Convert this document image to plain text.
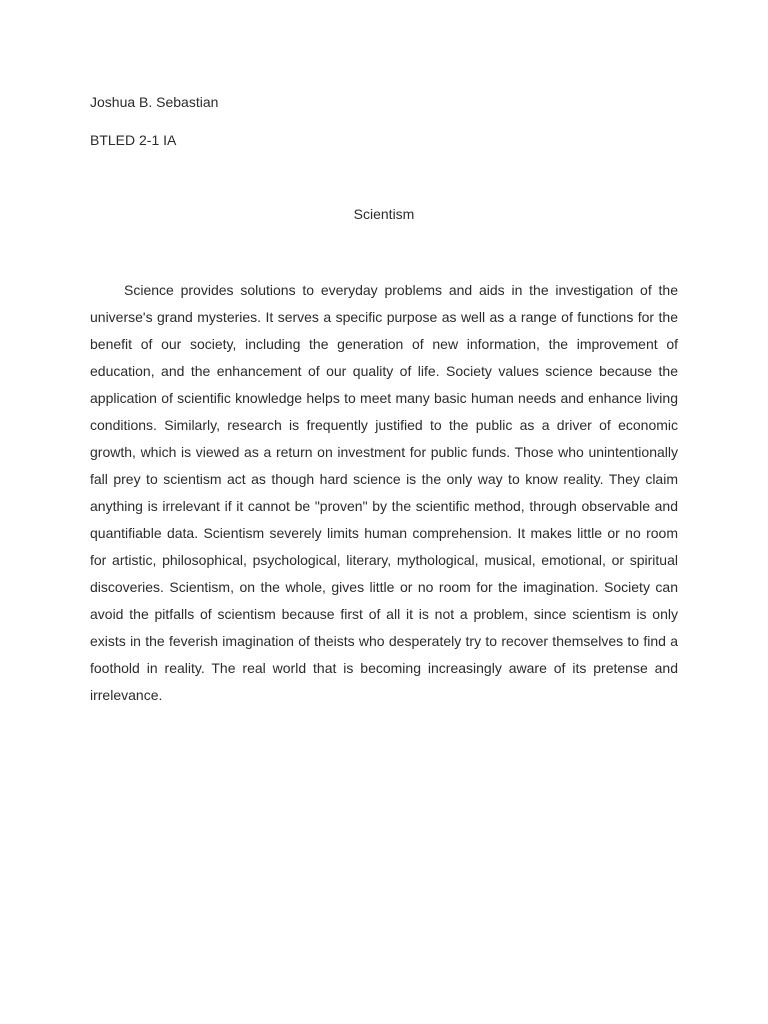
Joshua B. Sebastian

BTLED 2-1 IA

Scientism

Science provides solutions to everyday problems and aids in the investigation of the universe's grand mysteries. It serves a specific purpose as well as a range of functions for the benefit of our society, including the generation of new information, the improvement of education, and the enhancement of our quality of life. Society values science because the application of scientific knowledge helps to meet many basic human needs and enhance living conditions. Similarly, research is frequently justified to the public as a driver of economic growth, which is viewed as a return on investment for public funds. Those who unintentionally fall prey to scientism act as though hard science is the only way to know reality. They claim anything is irrelevant if it cannot be "proven" by the scientific method, through observable and quantifiable data. Scientism severely limits human comprehension. It makes little or no room for artistic, philosophical, psychological, literary, mythological, musical, emotional, or spiritual discoveries. Scientism, on the whole, gives little or no room for the imagination. Society can avoid the pitfalls of scientism because first of all it is not a problem, since scientism is only exists in the feverish imagination of theists who desperately try to recover themselves to find a foothold in reality. The real world that is becoming increasingly aware of its pretense and irrelevance.
